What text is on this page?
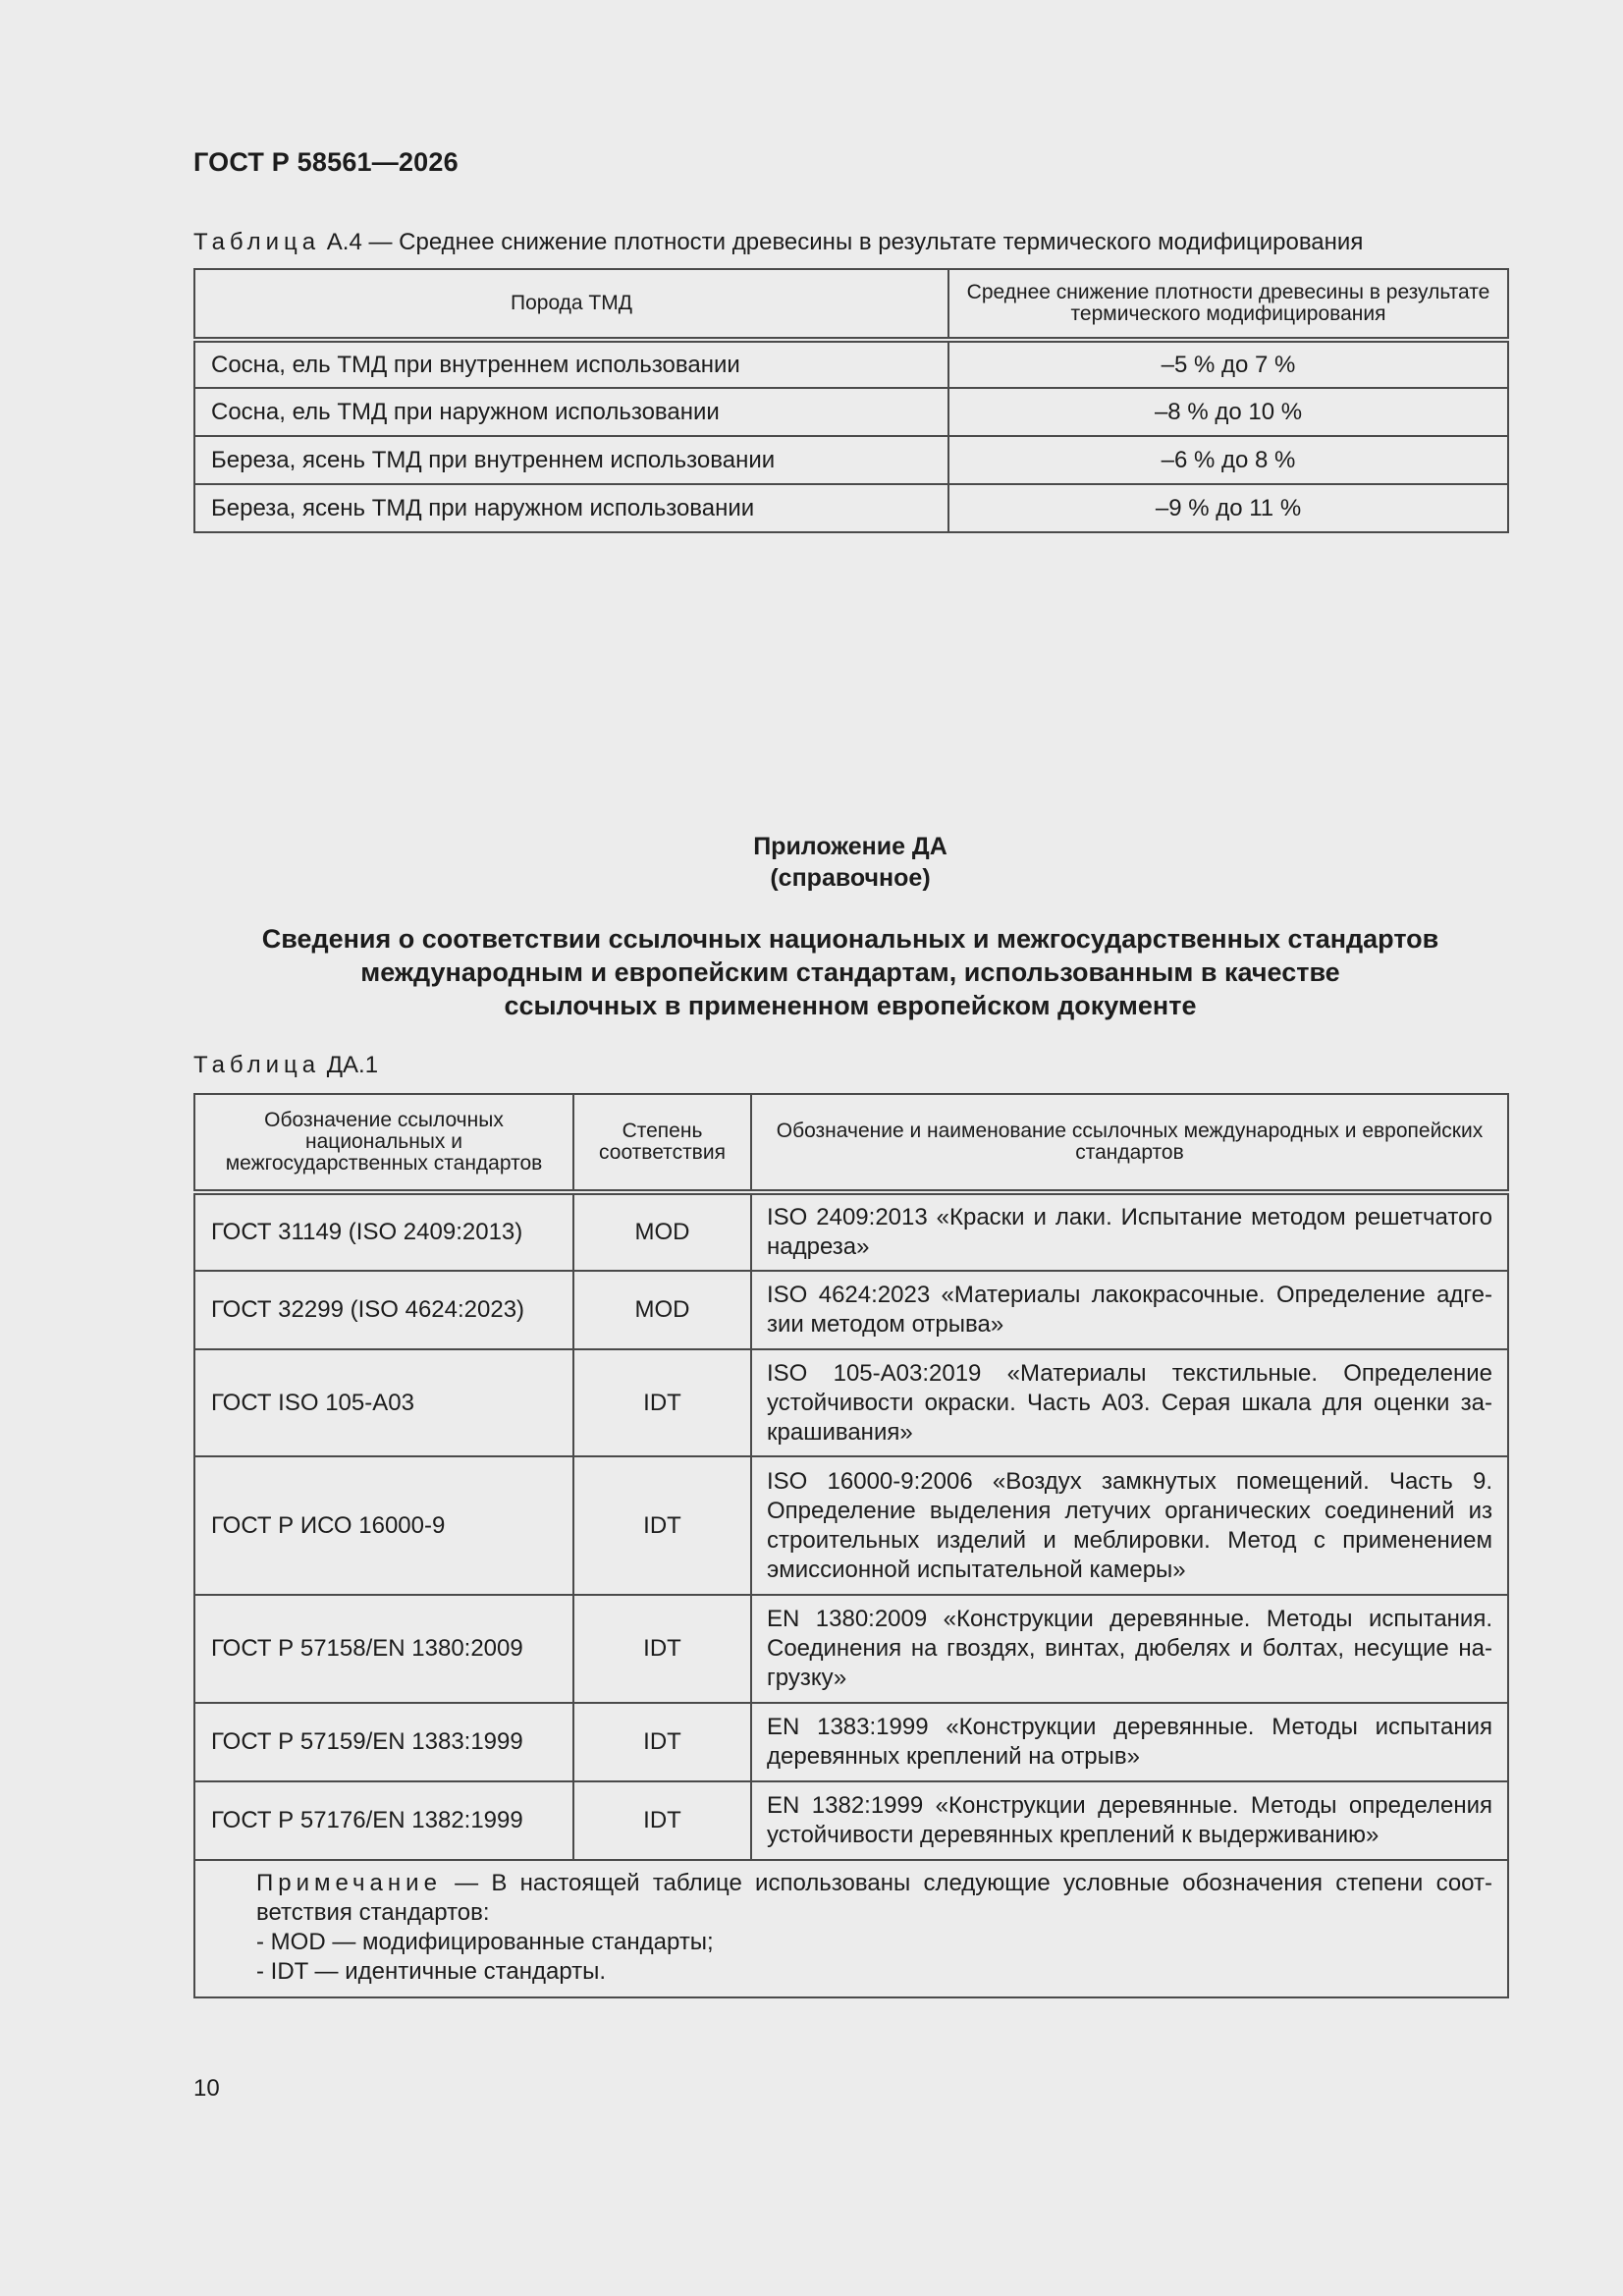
ГОСТ Р 58561—2026
Таблица А.4 — Среднее снижение плотности древесины в результате термического модифицирования
Порода ТМД	Среднее снижение плотности древесины в результате термического модифицирования
Сосна, ель ТМД при внутреннем использовании	–5 % до 7 %
Сосна, ель ТМД при наружном использовании	–8 % до 10 %
Береза, ясень ТМД при внутреннем использовании	–6 % до 8 %
Береза, ясень ТМД при наружном использовании	–9 % до 11 %
Приложение ДА
(справочное)
Сведения о соответствии ссылочных национальных и межгосударственных стандартов
международным и европейским стандартам, использованным в качестве
ссылочных в примененном европейском документе
Таблица ДА.1
Обозначение ссылочных национальных и межгосударственных стандартов	Степень соответствия	Обозначение и наименование ссылочных международных и европейских стандартов
ГОСТ 31149 (ISO 2409:2013)	MOD	ISO 2409:2013 «Краски и лаки. Испытание методом решетчатого надреза»
ГОСТ 32299 (ISO 4624:2023)	MOD	ISO 4624:2023 «Материалы лакокрасочные. Определение адгезии методом отрыва»
ГОСТ ISO 105-A03	IDT	ISO 105-A03:2019 «Материалы текстильные. Определение устойчивости окраски. Часть А03. Серая шкала для оценки закрашивания»
ГОСТ Р ИСО 16000-9	IDT	ISO 16000-9:2006 «Воздух замкнутых помещений. Часть 9. Определение выделения летучих органических соединений из строительных изделий и меблировки. Метод с применением эмиссионной испытательной камеры»
ГОСТ Р 57158/EN 1380:2009	IDT	EN 1380:2009 «Конструкции деревянные. Методы испытания. Соединения на гвоздях, винтах, дюбелях и болтах, несущие нагрузку»
ГОСТ Р 57159/EN 1383:1999	IDT	EN 1383:1999 «Конструкции деревянные. Методы испытания деревянных креплений на отрыв»
ГОСТ Р 57176/EN 1382:1999	IDT	EN 1382:1999 «Конструкции деревянные. Методы определения устойчивости деревянных креплений к выдерживанию»

Примечание — В настоящей таблице использованы следующие условные обозначения степени соответствия стандартов:
- MOD — модифицированные стандарты;
- IDT — идентичные стандарты.		
10
